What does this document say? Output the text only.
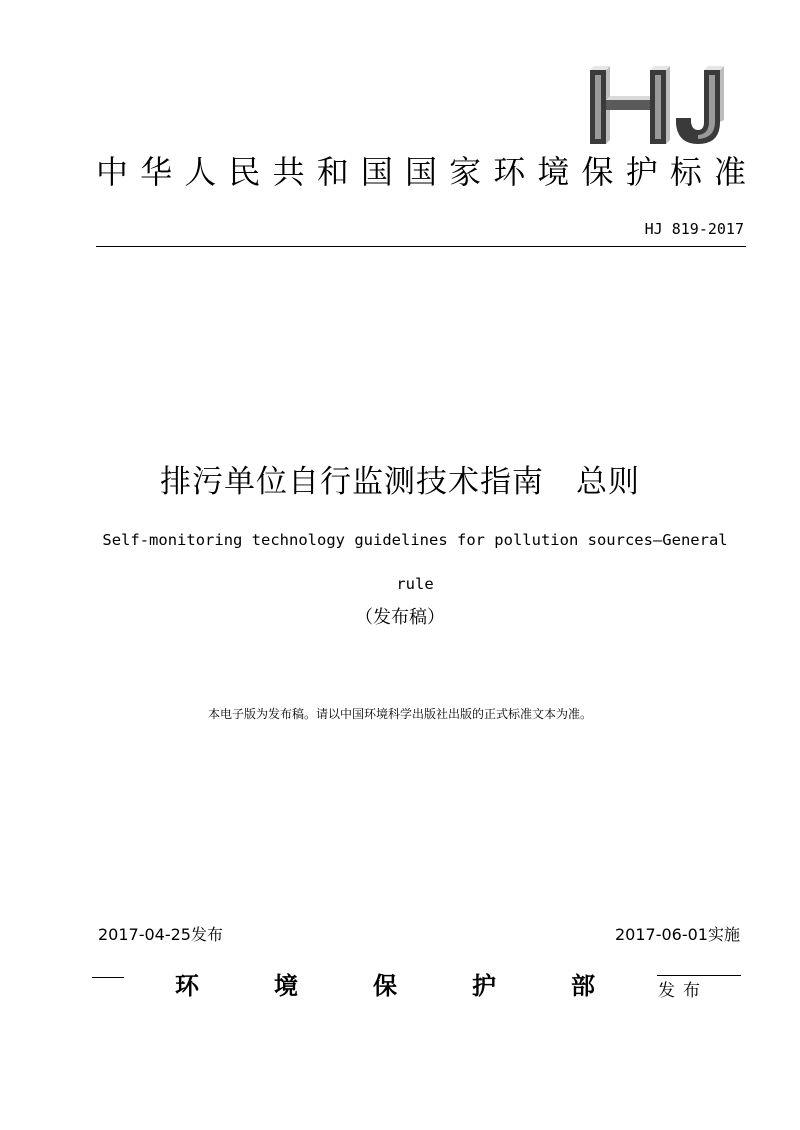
中华人民共和国国家环境保护标准
HJ 819-2017
排污单位自行监测技术指南　总则
Self-monitoring technology guidelines for pollution sources—General rule
（发布稿）
本电子版为发布稿。请以中国环境科学出版社出版的正式标准文本为准。
2017-04-25发布	2017-06-01实施
环	境	保	护	部	发布
